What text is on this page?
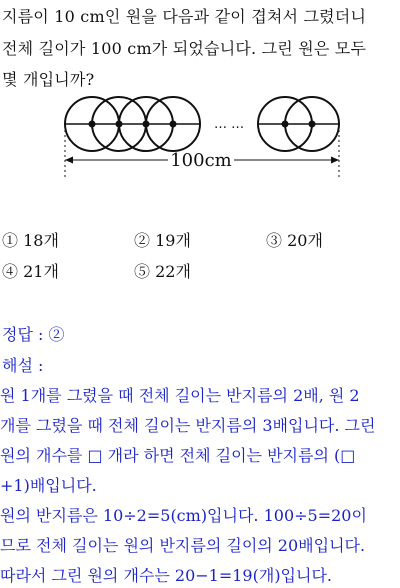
지름이 10 cm인 원을 다음과 같이 겹쳐서 그렸더니
전체 길이가 100 cm가 되었습니다. 그린 원은 모두
몇 개입니까?
… …
100cm
① 18개	② 19개	③ 20개
④ 21개	⑤ 22개
정답 : ②
해설 :
원 1개를 그렸을 때 전체 길이는 반지름의 2배, 원 2
개를 그렸을 때 전체 길이는 반지름의 3배입니다. 그린
원의 개수를 □ 개라 하면 전체 길이는 반지름의 (□
+1)배입니다.
원의 반지름은 10÷2=5(cm)입니다. 100÷5=20이
므로 전체 길이는 원의 반지름의 길이의 20배입니다.
따라서 그린 원의 개수는 20−1=19(개)입니다.
